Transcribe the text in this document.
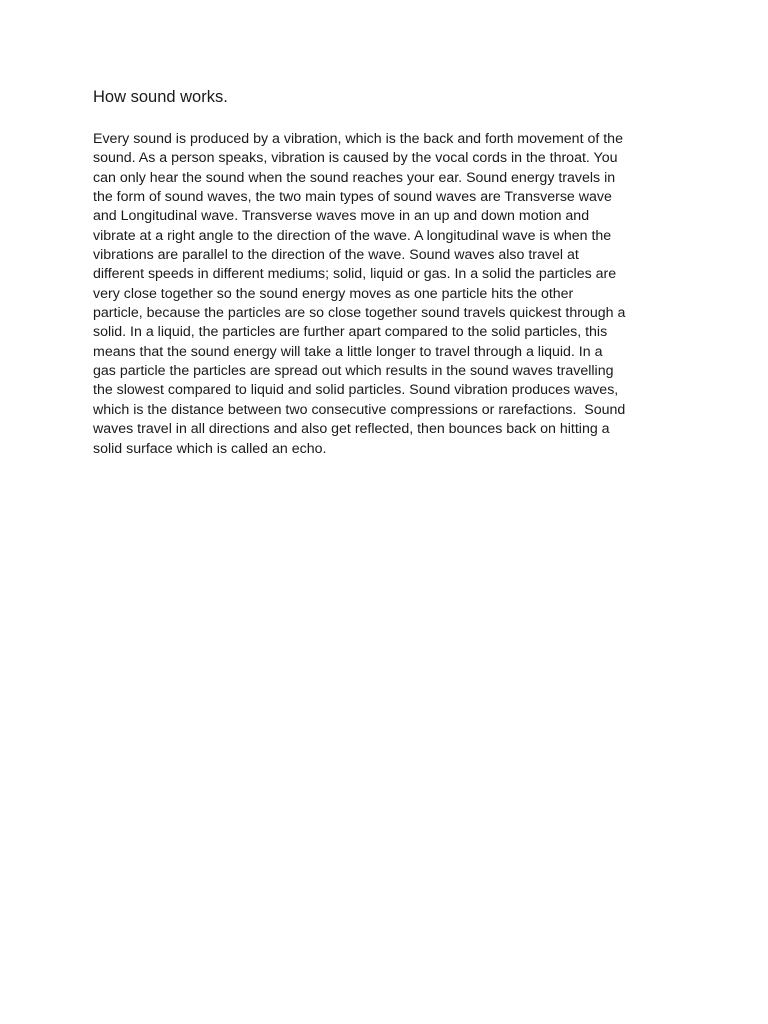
How sound works.
Every sound is produced by a vibration, which is the back and forth movement of the
sound. As a person speaks, vibration is caused by the vocal cords in the throat. You
can only hear the sound when the sound reaches your ear. Sound energy travels in
the form of sound waves, the two main types of sound waves are Transverse wave
and Longitudinal wave. Transverse waves move in an up and down motion and
vibrate at a right angle to the direction of the wave. A longitudinal wave is when the
vibrations are parallel to the direction of the wave. Sound waves also travel at
different speeds in different mediums; solid, liquid or gas. In a solid the particles are
very close together so the sound energy moves as one particle hits the other
particle, because the particles are so close together sound travels quickest through a
solid. In a liquid, the particles are further apart compared to the solid particles, this
means that the sound energy will take a little longer to travel through a liquid. In a
gas particle the particles are spread out which results in the sound waves travelling
the slowest compared to liquid and solid particles. Sound vibration produces waves,
which is the distance between two consecutive compressions or rarefactions.  Sound
waves travel in all directions and also get reflected, then bounces back on hitting a
solid surface which is called an echo.
